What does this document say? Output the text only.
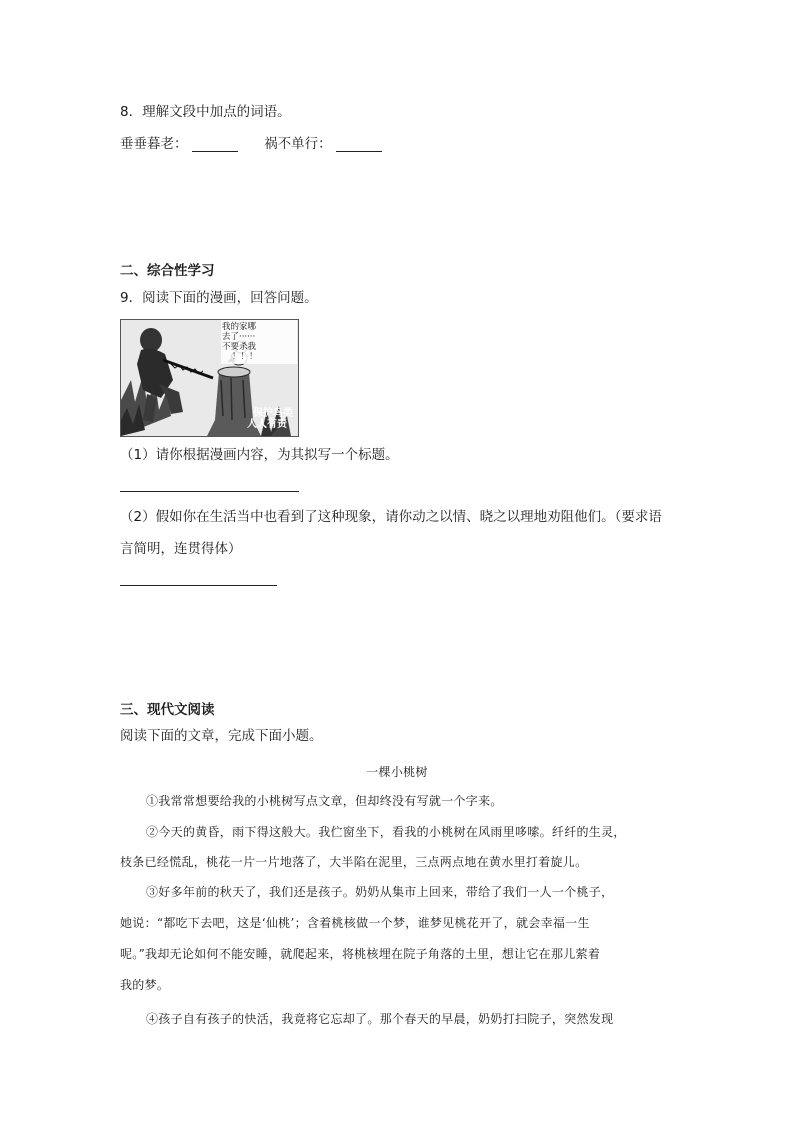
8．理解文段中加点的词语。
垂垂暮老：	祸不单行：
二、综合性学习
9．阅读下面的漫画，回答问题。
我的家哪
去了······
不要杀我
！！！
保护鸟类
人人有责
（1）请你根据漫画内容，为其拟写一个标题。
（2）假如你在生活当中也看到了这种现象，请你动之以情、晓之以理地劝阻他们。（要求语
言简明，连贯得体）
三、现代文阅读
阅读下面的文章，完成下面小题。
一棵小桃树
①我常常想要给我的小桃树写点文章，但却终没有写就一个字来。
②今天的黄昏，雨下得这般大。我伫窗坐下，看我的小桃树在风雨里哆嗦。纤纤的生灵，
枝条已经慌乱，桃花一片一片地落了，大半陷在泥里，三点两点地在黄水里打着旋儿。
③好多年前的秋天了，我们还是孩子。奶奶从集市上回来，带给了我们一人一个桃子，
她说：“都吃下去吧，这是‘仙桃’；含着桃核做一个梦，谁梦见桃花开了，就会幸福一生
呢。”我却无论如何不能安睡，就爬起来，将桃核埋在院子角落的土里，想让它在那儿萦着
我的梦。
④孩子自有孩子的快活，我竟将它忘却了。那个春天的早晨，奶奶打扫院子，突然发现
